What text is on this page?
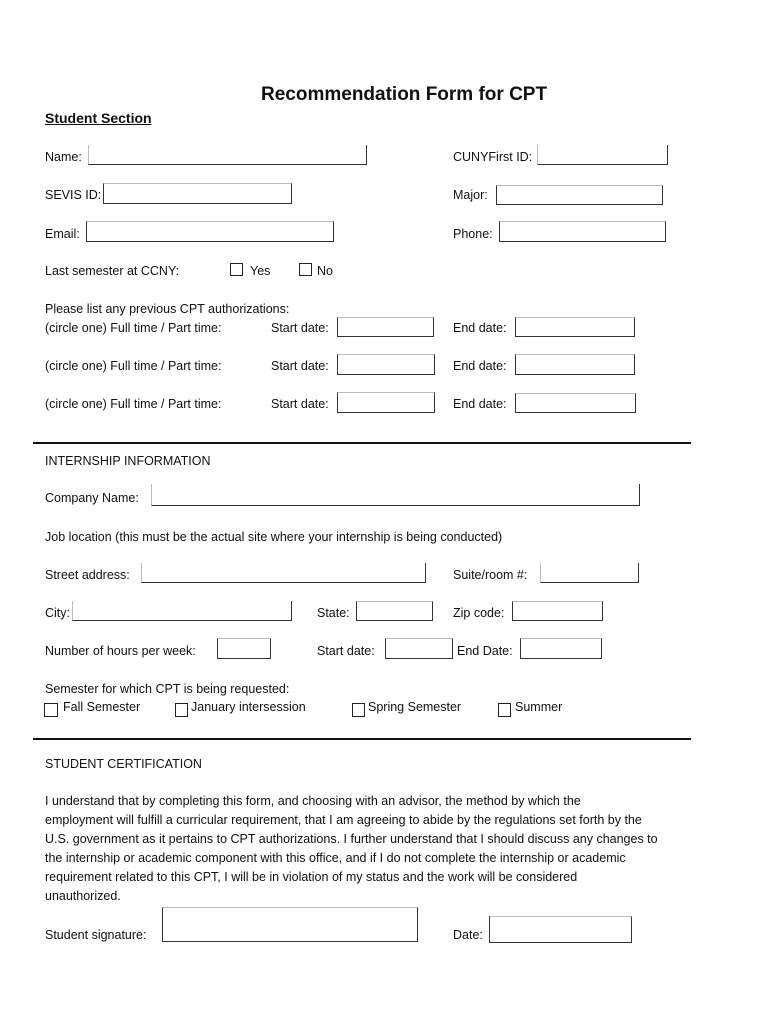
Recommendation Form for CPT
Student Section
Name:	CUNYFirst ID:
SEVIS ID:	Major:
Email:	Phone:
Last semester at CCNY:	Yes	No
Please list any previous CPT authorizations:
(circle one) Full time / Part time:	Start date:	End date:
(circle one) Full time / Part time:	Start date:	End date:
(circle one) Full time / Part time:	Start date:	End date:
INTERNSHIP INFORMATION
Company Name:
Job location (this must be the actual site where your internship is being conducted)
Street address:	Suite/room #:
City:	State:	Zip code:
Number of hours per week:	Start date:	End Date:
Semester for which CPT is being requested:
Fall Semester	January intersession	Spring Semester	Summer
STUDENT CERTIFICATION
I understand that by completing this form, and choosing with an advisor, the method by which the
employment will fulfill a curricular requirement, that I am agreeing to abide by the regulations set forth by the
U.S. government as it pertains to CPT authorizations. I further understand that I should discuss any changes to
the internship or academic component with this office, and if I do not complete the internship or academic
requirement related to this CPT, I will be in violation of my status and the work will be considered
unauthorized.
Student signature:	Date:
